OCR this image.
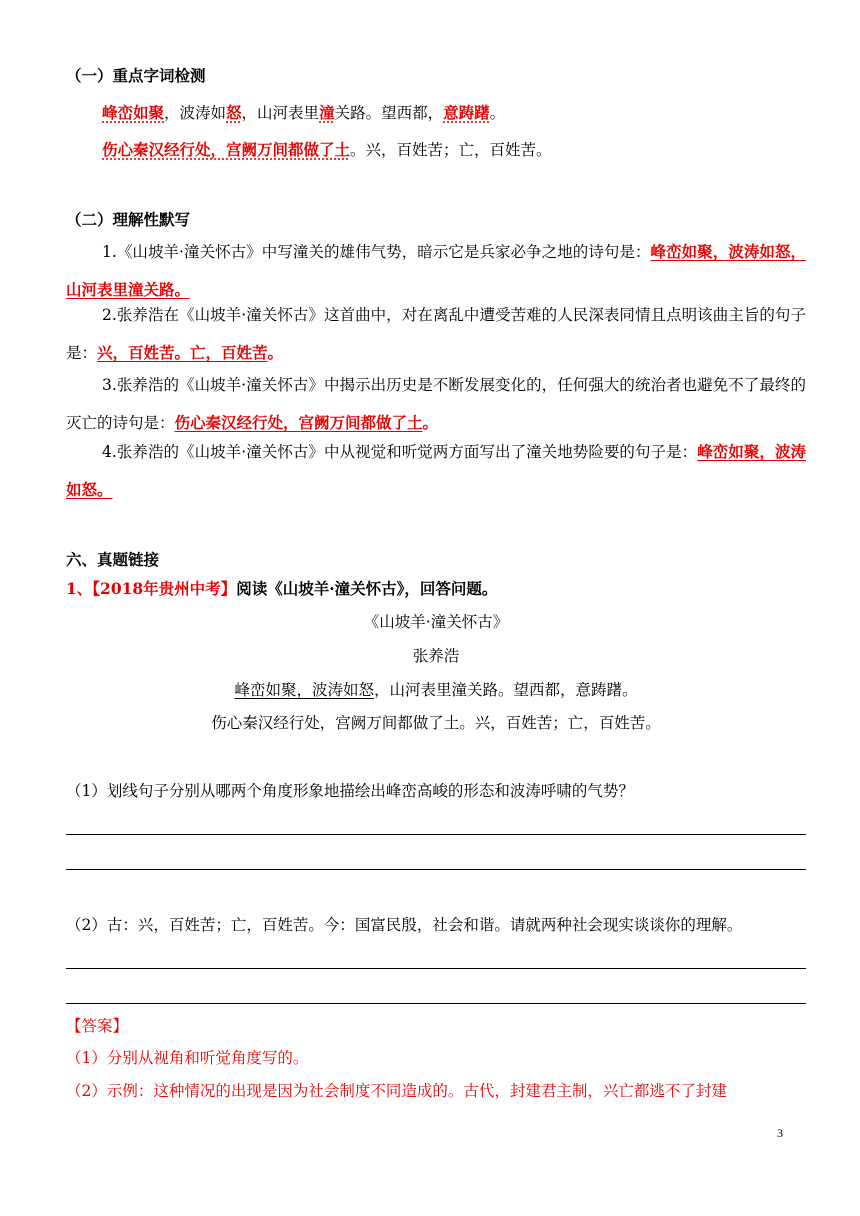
（一）重点字词检测
峰峦如聚，波涛如怒，山河表里潼关路。望西都，意踌躇。
伤心秦汉经行处，宫阙万间都做了土。兴，百姓苦；亡，百姓苦。
（二）理解性默写
1.《山坡羊·潼关怀古》中写潼关的雄伟气势，暗示它是兵家必争之地的诗句是：峰峦如聚，波涛如怒，山河表里潼关路。
2.张养浩在《山坡羊·潼关怀古》这首曲中，对在离乱中遭受苦难的人民深表同情且点明该曲主旨的句子是：兴，百姓苦。亡，百姓苦。
3.张养浩的《山坡羊·潼关怀古》中揭示出历史是不断发展变化的，任何强大的统治者也避免不了最终的灭亡的诗句是：伤心秦汉经行处，宫阙万间都做了土。
4.张养浩的《山坡羊·潼关怀古》中从视觉和听觉两方面写出了潼关地势险要的句子是：峰峦如聚，波涛如怒。
六、真题链接
1、【2018年贵州中考】阅读《山坡羊·潼关怀古》，回答问题。
《山坡羊·潼关怀古》
张养浩
峰峦如聚，波涛如怒，山河表里潼关路。望西都，意踌躇。
伤心秦汉经行处，宫阙万间都做了土。兴，百姓苦；亡，百姓苦。
（1）划线句子分别从哪两个角度形象地描绘出峰峦高峻的形态和波涛呼啸的气势？
（2）古：兴，百姓苦；亡，百姓苦。今：国富民殷，社会和谐。请就两种社会现实谈谈你的理解。
【答案】
（1）分别从视角和听觉角度写的。
（2）示例：这种情况的出现是因为社会制度不同造成的。古代，封建君主制，兴亡都逃不了封建
3
